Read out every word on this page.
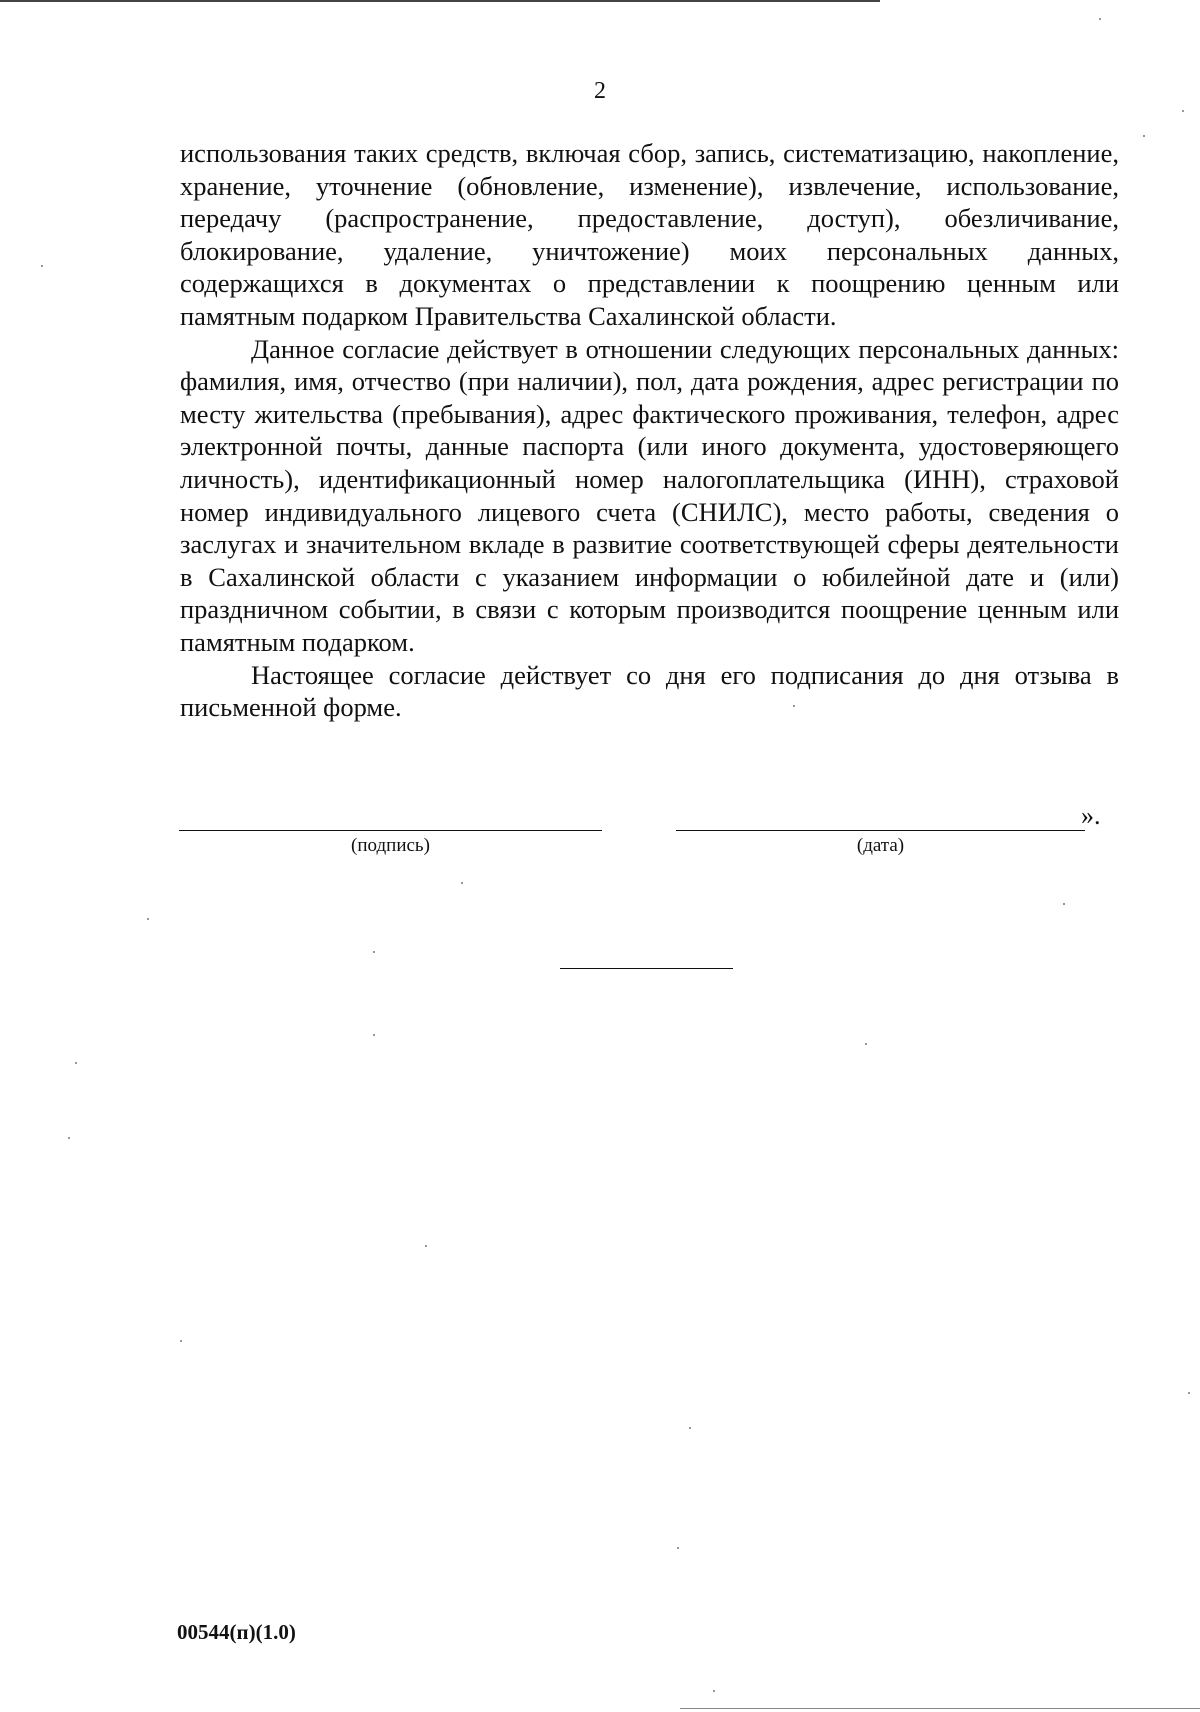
2

использования таких средств, включая сбор, запись, систематизацию, накопление, хранение, уточнение (обновление, изменение), извлечение, использование, передачу (распространение, предоставление, доступ), обезличивание, блокирование, удаление, уничтожение) моих персональных данных, содержащихся в документах о представлении к поощрению ценным или памятным подарком Правительства Сахалинской области.

Данное согласие действует в отношении следующих персональных данных: фамилия, имя, отчество (при наличии), пол, дата рождения, адрес регистрации по месту жительства (пребывания), адрес фактического проживания, телефон, адрес электронной почты, данные паспорта (или иного документа, удостоверяющего личность), идентификационный номер налогоплательщика (ИНН), страховой номер индивидуального лицевого счета (СНИЛС), место работы, сведения о заслугах и значительном вкладе в развитие соответствующей сферы деятельности в Сахалинской области с указанием информации о юбилейной дате и (или) праздничном событии, в связи с которым производится поощрение ценным или памятным подарком.

Настоящее согласие действует со дня его подписания до дня отзыва в письменной форме.

(подпись)	(дата)
».
00544(п)(1.0)
